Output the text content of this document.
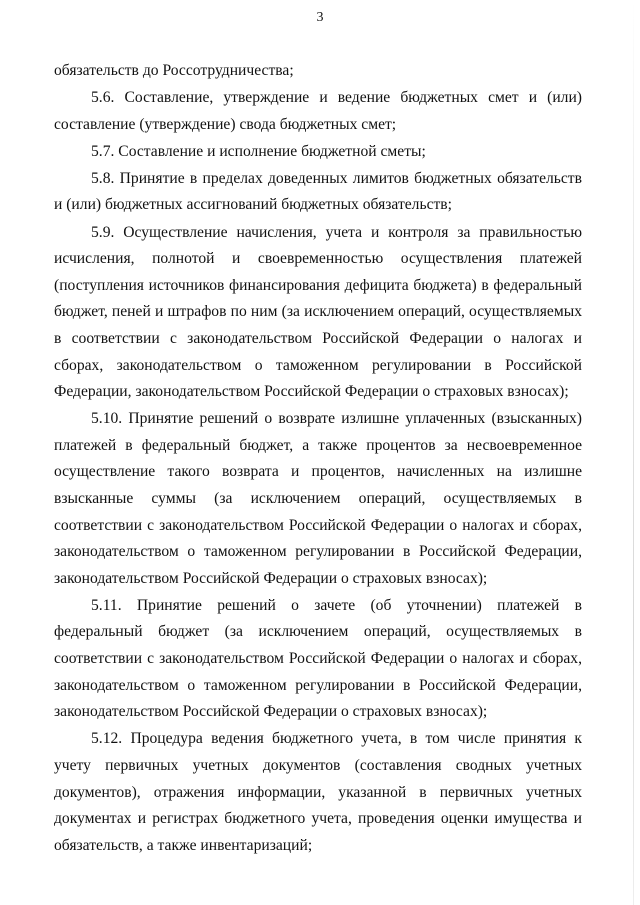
3

обязательств до Россотрудничества;

5.6. Составление, утверждение и ведение бюджетных смет и (или) составление (утверждение) свода бюджетных смет;

5.7. Составление и исполнение бюджетной сметы;

5.8. Принятие в пределах доведенных лимитов бюджетных обязательств и (или) бюджетных ассигнований бюджетных обязательств;

5.9. Осуществление начисления, учета и контроля за правильностью исчисления, полнотой и своевременностью осуществления платежей (поступления источников финансирования дефицита бюджета) в федеральный бюджет, пеней и штрафов по ним (за исключением операций, осуществляемых в соответствии с законодательством Российской Федерации о налогах и сборах, законодательством о таможенном регулировании в Российской Федерации, законодательством Российской Федерации о страховых взносах);

5.10. Принятие решений о возврате излишне уплаченных (взысканных) платежей в федеральный бюджет, а также процентов за несвоевременное осуществление такого возврата и процентов, начисленных на излишне взысканные суммы (за исключением операций, осуществляемых в соответствии с законодательством Российской Федерации о налогах и сборах, законодательством о таможенном регулировании в Российской Федерации, законодательством Российской Федерации о страховых взносах);

5.11. Принятие решений о зачете (об уточнении) платежей в федеральный бюджет (за исключением операций, осуществляемых в соответствии с законодательством Российской Федерации о налогах и сборах, законодательством о таможенном регулировании в Российской Федерации, законодательством Российской Федерации о страховых взносах);

5.12. Процедура ведения бюджетного учета, в том числе принятия к учету первичных учетных документов (составления сводных учетных документов), отражения информации, указанной в первичных учетных документах и регистрах бюджетного учета, проведения оценки имущества и обязательств, а также инвентаризаций;
